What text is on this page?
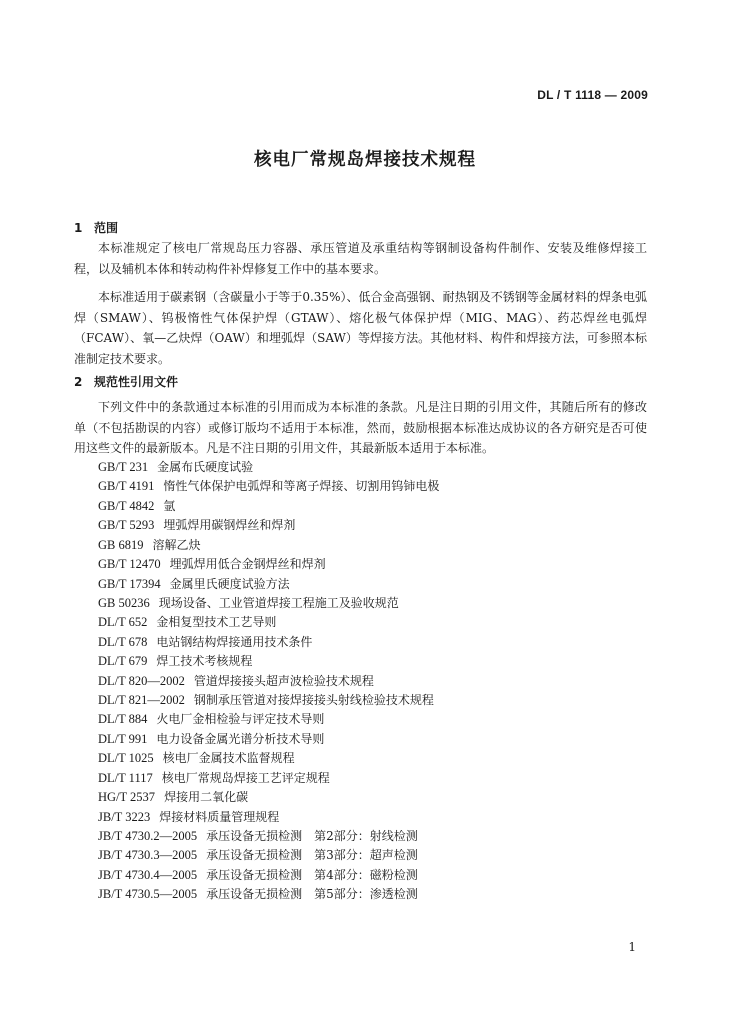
DL / T 1118 — 2009
核电厂常规岛焊接技术规程
1 范围

本标准规定了核电厂常规岛压力容器、承压管道及承重结构等钢制设备构件制作、安装及维修焊接工程，以及辅机本体和转动构件补焊修复工作中的基本要求。

本标准适用于碳素钢（含碳量小于等于0.35%）、低合金高强钢、耐热钢及不锈钢等金属材料的焊条电弧焊（SMAW）、钨极惰性气体保护焊（GTAW）、熔化极气体保护焊（MIG、MAG）、药芯焊丝电弧焊（FCAW）、氧—乙炔焊（OAW）和埋弧焊（SAW）等焊接方法。其他材料、构件和焊接方法，可参照本标准制定技术要求。

2 规范性引用文件

下列文件中的条款通过本标准的引用而成为本标准的条款。凡是注日期的引用文件，其随后所有的修改单（不包括勘误的内容）或修订版均不适用于本标准，然而，鼓励根据本标准达成协议的各方研究是否可使用这些文件的最新版本。凡是不注日期的引用文件，其最新版本适用于本标准。

GB/T 231 金属布氏硬度试验
GB/T 4191 惰性气体保护电弧焊和等离子焊接、切割用钨铈电极
GB/T 4842 氩
GB/T 5293 埋弧焊用碳钢焊丝和焊剂
GB 6819 溶解乙炔
GB/T 12470 埋弧焊用低合金钢焊丝和焊剂
GB/T 17394 金属里氏硬度试验方法
GB 50236 现场设备、工业管道焊接工程施工及验收规范
DL/T 652 金相复型技术工艺导则
DL/T 678 电站钢结构焊接通用技术条件
DL/T 679 焊工技术考核规程
DL/T 820—2002 管道焊接接头超声波检验技术规程
DL/T 821—2002 钢制承压管道对接焊接接头射线检验技术规程
DL/T 884 火电厂金相检验与评定技术导则
DL/T 991 电力设备金属光谱分析技术导则
DL/T 1025 核电厂金属技术监督规程
DL/T 1117 核电厂常规岛焊接工艺评定规程
HG/T 2537 焊接用二氧化碳
JB/T 3223 焊接材料质量管理规程
JB/T 4730.2—2005 承压设备无损检测　第2部分：射线检测
JB/T 4730.3—2005 承压设备无损检测　第3部分：超声检测
JB/T 4730.4—2005 承压设备无损检测　第4部分：磁粉检测
JB/T 4730.5—2005 承压设备无损检测　第5部分：渗透检测
1
